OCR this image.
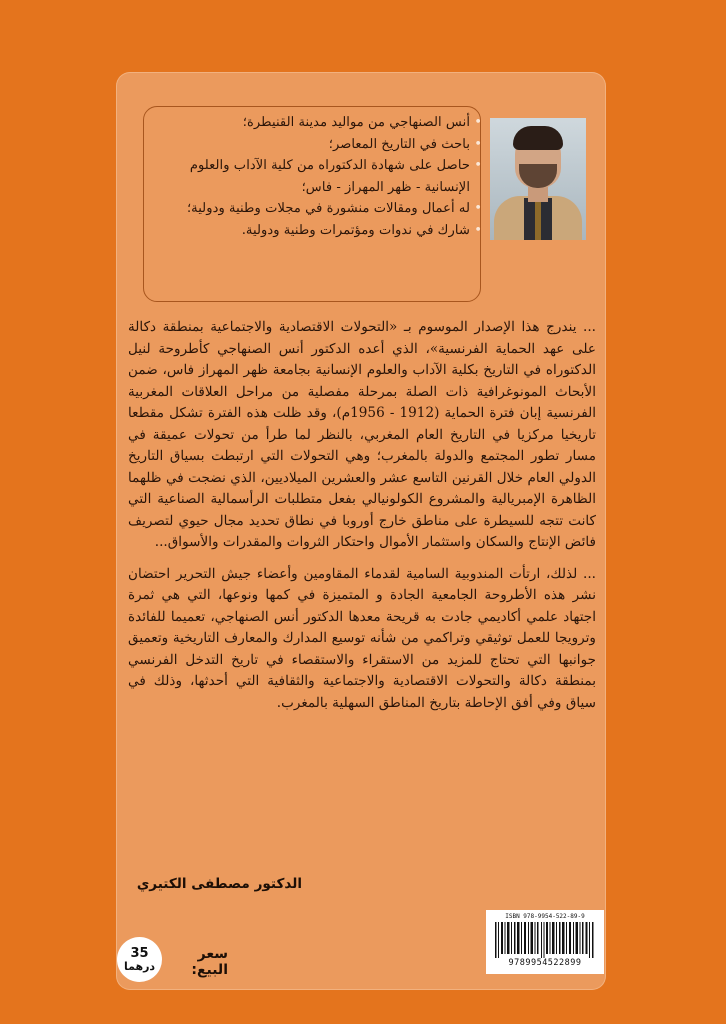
• أنس الصنهاجي من مواليد مدينة القنيطرة؛
• باحث في التاريخ المعاصر؛
• حاصل على شهادة الدكتوراه من كلية الآداب والعلوم الإنسانية - ظهر المهراز - فاس؛
• له أعمال ومقالات منشورة في مجلات وطنية ودولية؛
• شارك في ندوات ومؤتمرات وطنية ودولية.

... يندرج هذا الإصدار الموسوم بـ «التحولات الاقتصادية والاجتماعية بمنطقة دكالة على عهد الحماية الفرنسية»، الذي أعده الدكتور أنس الصنهاجي كأطروحة لنيل الدكتوراه في التاريخ بكلية الآداب والعلوم الإنسانية بجامعة ظهر المهراز فاس، ضمن الأبحاث المونوغرافية ذات الصلة بمرحلة مفصلية من مراحل العلاقات المغربية الفرنسية إبان فترة الحماية (1912 - 1956م)، وقد ظلت هذه الفترة تشكل مقطعا تاريخيا مركزيا في التاريخ العام المغربي، بالنظر لما طرأ من تحولات عميقة في مسار تطور المجتمع والدولة بالمغرب؛ وهي التحولات التي ارتبطت بسياق التاريخ الدولي العام خلال القرنين التاسع عشر والعشرين الميلاديين، الذي نضجت في ظلهما الظاهرة الإمبريالية والمشروع الكولونيالي بفعل متطلبات الرأسمالية الصناعية التي كانت تتجه للسيطرة على مناطق خارج أوروبا في نطاق تحديد مجال حيوي لتصريف فائض الإنتاج والسكان واستثمار الأموال واحتكار الثروات والمقدرات والأسواق...

... لذلك، ارتأت المندوبية السامية لقدماء المقاومين وأعضاء جيش التحرير احتضان نشر هذه الأطروحة الجامعية الجادة و المتميزة في كمها ونوعها، التي هي ثمرة اجتهاد علمي أكاديمي جادت به قريحة معدها الدكتور أنس الصنهاجي، تعميما للفائدة وترويجا للعمل توثيقي وتراكمي من شأنه توسيع المدارك والمعارف التاريخية وتعميق جوانبها التي تحتاج للمزيد من الاستقراء والاستقصاء في تاريخ التدخل الفرنسي بمنطقة دكالة والتحولات الاقتصادية والاجتماعية والثقافية التي أحدثها، وذلك في سياق وفي أفق الإحاطة بتاريخ المناطق السهلية بالمغرب.

الدكتور مصطفى الكتيري
ISBN 978-9954-522-89-9
9789954522899
35
درهما
سعر البيع:
